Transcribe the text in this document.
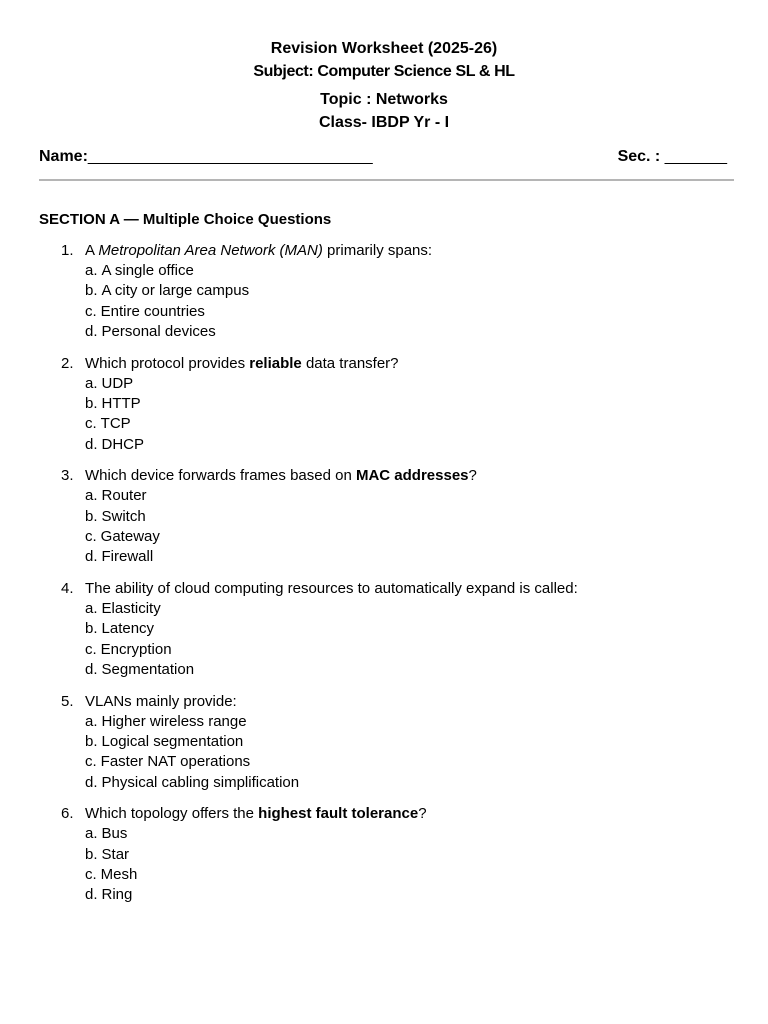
Revision Worksheet (2025-26)
Subject: Computer Science SL & HL
Topic : Networks
Class- IBDP Yr - I
Name:________________________________	Sec. : _______
SECTION A — Multiple Choice Questions
1. A Metropolitan Area Network (MAN) primarily spans:
a. A single office
b. A city or large campus
c. Entire countries
d. Personal devices
2. Which protocol provides reliable data transfer?
a. UDP
b. HTTP
c. TCP
d. DHCP
3. Which device forwards frames based on MAC addresses?
a. Router
b. Switch
c. Gateway
d. Firewall
4. The ability of cloud computing resources to automatically expand is called:
a. Elasticity
b. Latency
c. Encryption
d. Segmentation
5. VLANs mainly provide:
a. Higher wireless range
b. Logical segmentation
c. Faster NAT operations
d. Physical cabling simplification
6. Which topology offers the highest fault tolerance?
a. Bus
b. Star
c. Mesh
d. Ring
